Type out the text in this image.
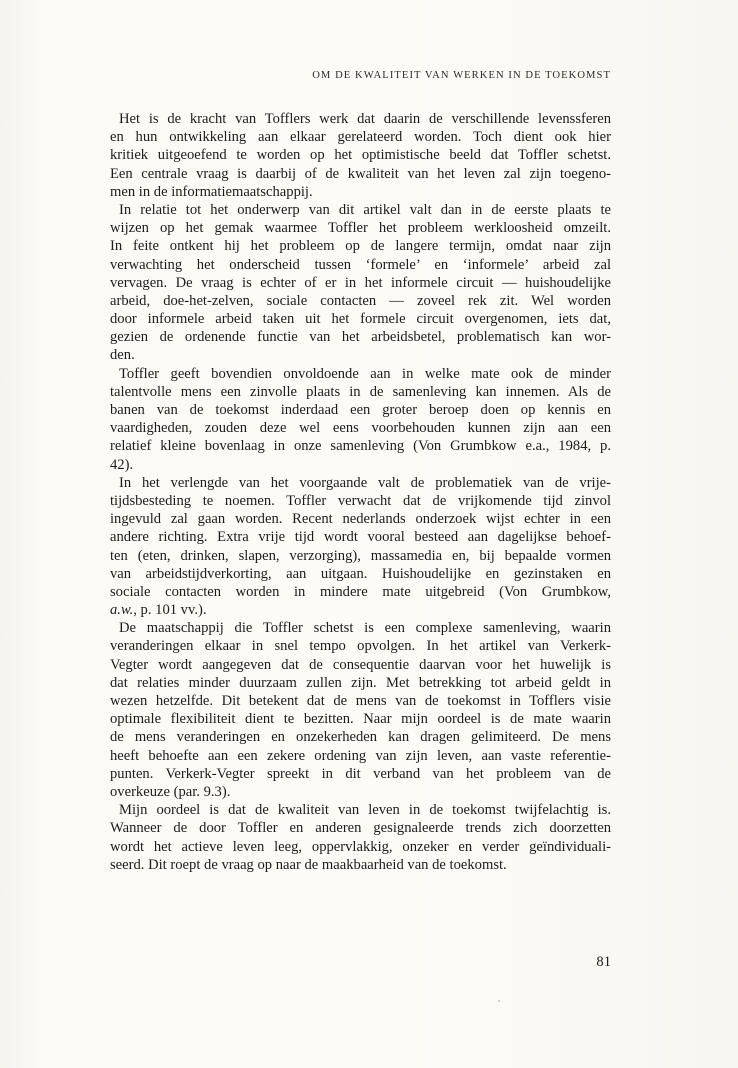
OM DE KWALITEIT VAN WERKEN IN DE TOEKOMST
Het is de kracht van Tofflers werk dat daarin de verschillende levenssferen
en hun ontwikkeling aan elkaar gerelateerd worden. Toch dient ook hier
kritiek uitgeoefend te worden op het optimistische beeld dat Toffler schetst.
Een centrale vraag is daarbij of de kwaliteit van het leven zal zijn toegeno-
men in de informatiemaatschappij.
In relatie tot het onderwerp van dit artikel valt dan in de eerste plaats te
wijzen op het gemak waarmee Toffler het probleem werkloosheid omzeilt.
In feite ontkent hij het probleem op de langere termijn, omdat naar zijn
verwachting het onderscheid tussen ‘formele’ en ‘informele’ arbeid zal
vervagen. De vraag is echter of er in het informele circuit — huishoudelijke
arbeid, doe-het-zelven, sociale contacten — zoveel rek zit. Wel worden
door informele arbeid taken uit het formele circuit overgenomen, iets dat,
gezien de ordenende functie van het arbeidsbetel, problematisch kan wor-
den.
Toffler geeft bovendien onvoldoende aan in welke mate ook de minder
talentvolle mens een zinvolle plaats in de samenleving kan innemen. Als de
banen van de toekomst inderdaad een groter beroep doen op kennis en
vaardigheden, zouden deze wel eens voorbehouden kunnen zijn aan een
relatief kleine bovenlaag in onze samenleving (Von Grumbkow e.a., 1984, p.
42).
In het verlengde van het voorgaande valt de problematiek van de vrije-
tijdsbesteding te noemen. Toffler verwacht dat de vrijkomende tijd zinvol
ingevuld zal gaan worden. Recent nederlands onderzoek wijst echter in een
andere richting. Extra vrije tijd wordt vooral besteed aan dagelijkse behoef-
ten (eten, drinken, slapen, verzorging), massamedia en, bij bepaalde vormen
van arbeidstijdverkorting, aan uitgaan. Huishoudelijke en gezinstaken en
sociale contacten worden in mindere mate uitgebreid (Von Grumbkow,
a.w., p. 101 vv.).
De maatschappij die Toffler schetst is een complexe samenleving, waarin
veranderingen elkaar in snel tempo opvolgen. In het artikel van Verkerk-
Vegter wordt aangegeven dat de consequentie daarvan voor het huwelijk is
dat relaties minder duurzaam zullen zijn. Met betrekking tot arbeid geldt in
wezen hetzelfde. Dit betekent dat de mens van de toekomst in Tofflers visie
optimale flexibiliteit dient te bezitten. Naar mijn oordeel is de mate waarin
de mens veranderingen en onzekerheden kan dragen gelimiteerd. De mens
heeft behoefte aan een zekere ordening van zijn leven, aan vaste referentie-
punten. Verkerk-Vegter spreekt in dit verband van het probleem van de
overkeuze (par. 9.3).
Mijn oordeel is dat de kwaliteit van leven in de toekomst twijfelachtig is.
Wanneer de door Toffler en anderen gesignaleerde trends zich doorzetten
wordt het actieve leven leeg, oppervlakkig, onzeker en verder geïndividuali-
seerd. Dit roept de vraag op naar de maakbaarheid van de toekomst.
81
